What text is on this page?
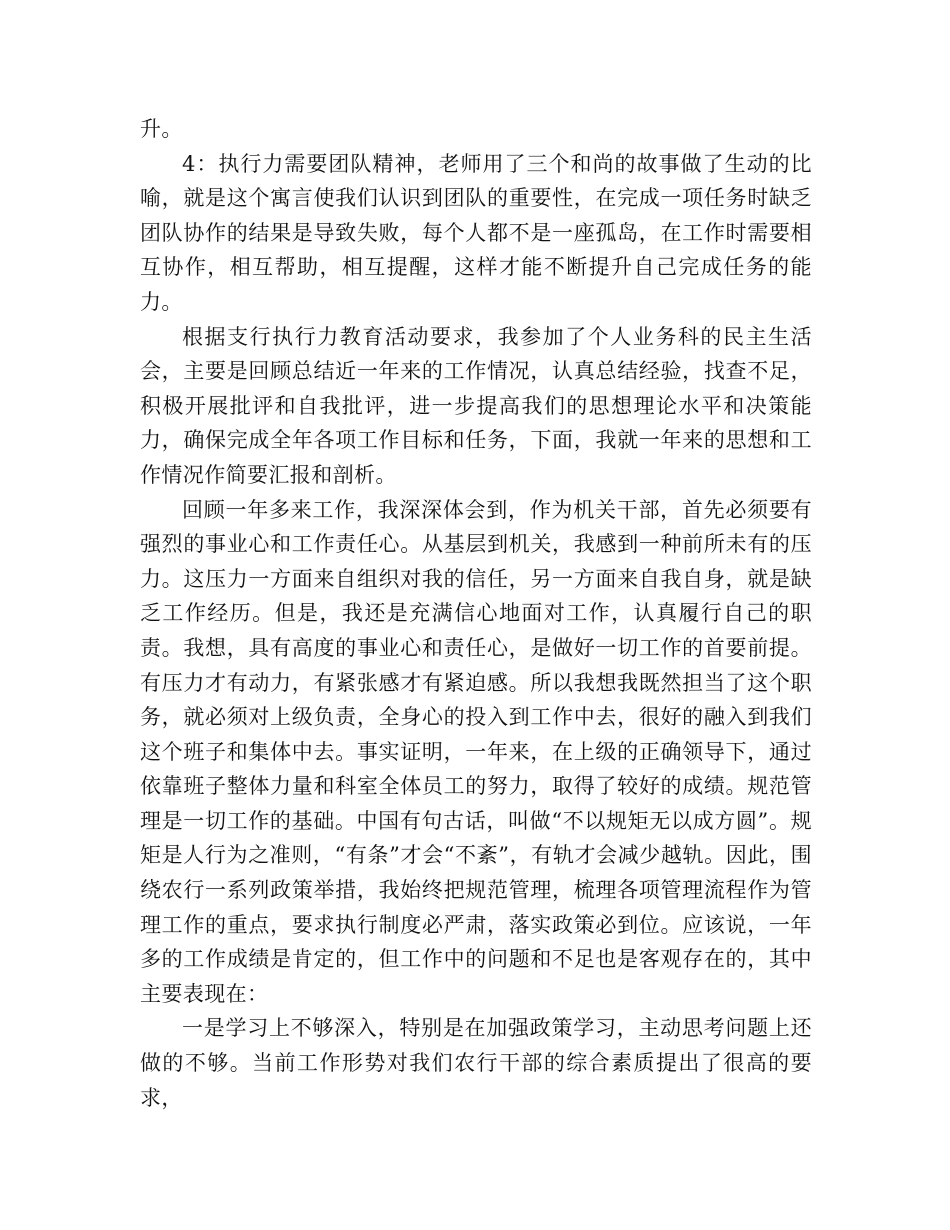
升。

4：执行力需要团队精神，老师用了三个和尚的故事做了生动的比喻，就是这个寓言使我们认识到团队的重要性，在完成一项任务时缺乏团队协作的结果是导致失败，每个人都不是一座孤岛，在工作时需要相互协作，相互帮助，相互提醒，这样才能不断提升自己完成任务的能力。

根据支行执行力教育活动要求，我参加了个人业务科的民主生活会，主要是回顾总结近一年来的工作情况，认真总结经验，找查不足，积极开展批评和自我批评，进一步提高我们的思想理论水平和决策能力，确保完成全年各项工作目标和任务，下面，我就一年来的思想和工作情况作简要汇报和剖析。

回顾一年多来工作，我深深体会到，作为机关干部，首先必须要有强烈的事业心和工作责任心。从基层到机关，我感到一种前所未有的压力。这压力一方面来自组织对我的信任，另一方面来自我自身，就是缺乏工作经历。但是，我还是充满信心地面对工作，认真履行自己的职责。我想，具有高度的事业心和责任心，是做好一切工作的首要前提。有压力才有动力，有紧张感才有紧迫感。所以我想我既然担当了这个职务，就必须对上级负责，全身心的投入到工作中去，很好的融入到我们这个班子和集体中去。事实证明，一年来，在上级的正确领导下，通过依靠班子整体力量和科室全体员工的努力，取得了较好的成绩。规范管理是一切工作的基础。中国有句古话，叫做“不以规矩无以成方圆”。规矩是人行为之准则，“有条”才会“不紊”，有轨才会减少越轨。因此，围绕农行一系列政策举措，我始终把规范管理，梳理各项管理流程作为管理工作的重点，要求执行制度必严肃，落实政策必到位。应该说，一年多的工作成绩是肯定的，但工作中的问题和不足也是客观存在的，其中主要表现在：

一是学习上不够深入，特别是在加强政策学习，主动思考问题上还做的不够。当前工作形势对我们农行干部的综合素质提出了很高的要求，
